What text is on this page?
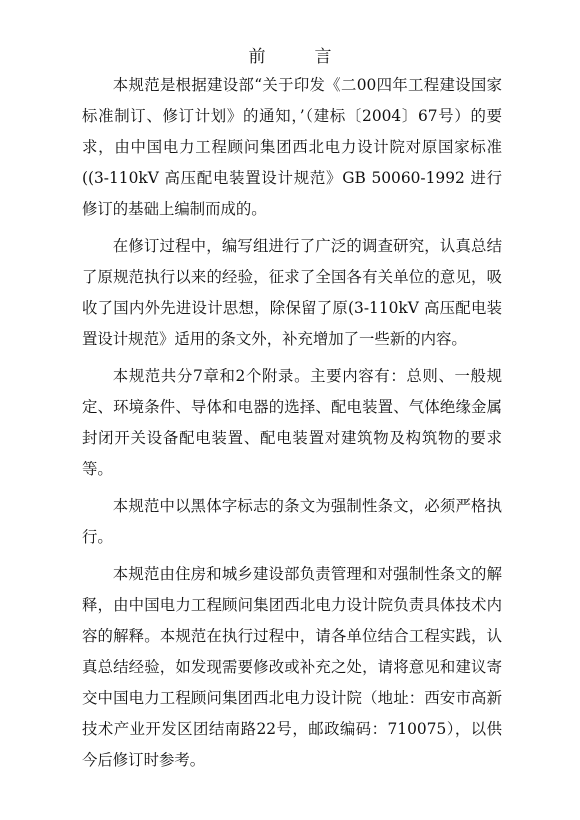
前　言

本规范是根据建设部“关于印发《二00四年工程建设国家标准制订、修订计划》的通知，’（建标〔2004〕67号）的要求，由中国电力工程顾问集团西北电力设计院对原国家标准((3-110kV 高压配电装置设计规范》GB 50060-1992 进行修订的基础上编制而成的。

在修订过程中，编写组进行了广泛的调查研究，认真总结了原规范执行以来的经验，征求了全国各有关单位的意见，吸收了国内外先进设计思想，除保留了原(3-110kV 高压配电装置设计规范》适用的条文外，补充增加了一些新的内容。

本规范共分7章和2个附录。主要内容有：总则、一般规定、环境条件、导体和电器的选择、配电装置、气体绝缘金属封闭开关设备配电装置、配电装置对建筑物及构筑物的要求等。

本规范中以黑体字标志的条文为强制性条文，必须严格执行。

本规范由住房和城乡建设部负责管理和对强制性条文的解释，由中国电力工程顾问集团西北电力设计院负责具体技术内容的解释。本规范在执行过程中，请各单位结合工程实践，认真总结经验，如发现需要修改或补充之处，请将意见和建议寄交中国电力工程顾问集团西北电力设计院（地址：西安市高新技术产业开发区团结南路22号，邮政编码：710075），以供今后修订时参考。
